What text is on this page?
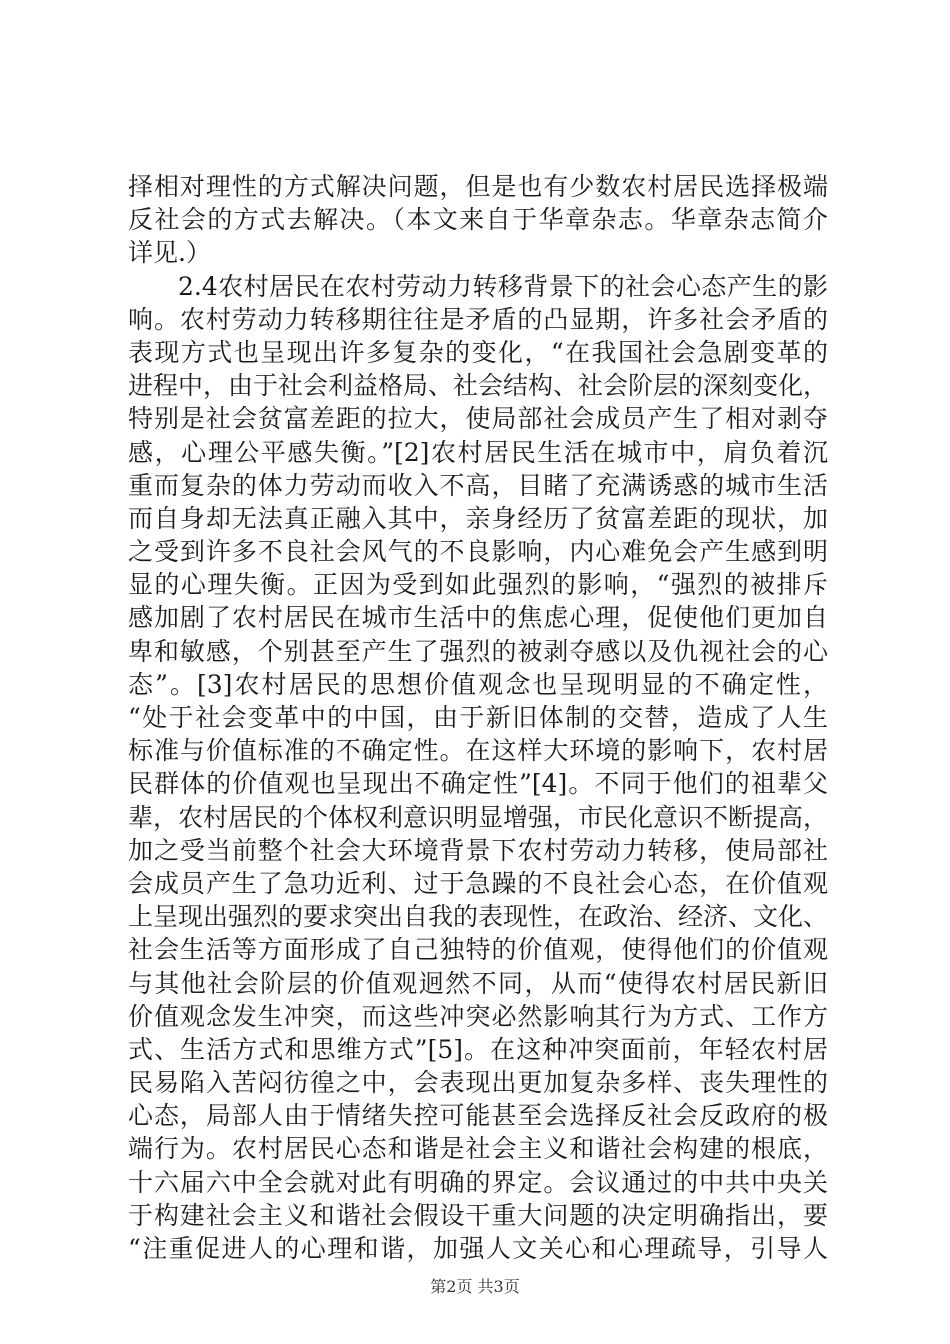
择相对理性的方式解决问题，但是也有少数农村居民选择极端
反社会的方式去解决。（本文来自于华章杂志。华章杂志简介
详见.）
2.4农村居民在农村劳动力转移背景下的社会心态产生的影
响。农村劳动力转移期往往是矛盾的凸显期，许多社会矛盾的
表现方式也呈现出许多复杂的变化，“在我国社会急剧变革的
进程中，由于社会利益格局、社会结构、社会阶层的深刻变化，
特别是社会贫富差距的拉大，使局部社会成员产生了相对剥夺
感，心理公平感失衡。”[2]农村居民生活在城市中，肩负着沉
重而复杂的体力劳动而收入不高，目睹了充满诱惑的城市生活
而自身却无法真正融入其中，亲身经历了贫富差距的现状，加
之受到许多不良社会风气的不良影响，内心难免会产生感到明
显的心理失衡。正因为受到如此强烈的影响，“强烈的被排斥
感加剧了农村居民在城市生活中的焦虑心理，促使他们更加自
卑和敏感，个别甚至产生了强烈的被剥夺感以及仇视社会的心
态”。[3]农村居民的思想价值观念也呈现明显的不确定性，
“处于社会变革中的中国，由于新旧体制的交替，造成了人生
标准与价值标准的不确定性。在这样大环境的影响下，农村居
民群体的价值观也呈现出不确定性”[4]。不同于他们的祖辈父
辈，农村居民的个体权利意识明显增强，市民化意识不断提高，
加之受当前整个社会大环境背景下农村劳动力转移，使局部社
会成员产生了急功近利、过于急躁的不良社会心态，在价值观
上呈现出强烈的要求突出自我的表现性，在政治、经济、文化、
社会生活等方面形成了自己独特的价值观，使得他们的价值观
与其他社会阶层的价值观迥然不同，从而“使得农村居民新旧
价值观念发生冲突，而这些冲突必然影响其行为方式、工作方
式、生活方式和思维方式”[5]。在这种冲突面前，年轻农村居
民易陷入苦闷彷徨之中，会表现出更加复杂多样、丧失理性的
心态，局部人由于情绪失控可能甚至会选择反社会反政府的极
端行为。农村居民心态和谐是社会主义和谐社会构建的根底，
十六届六中全会就对此有明确的界定。会议通过的中共中央关
于构建社会主义和谐社会假设干重大问题的决定明确指出，要
“注重促进人的心理和谐，加强人文关心和心理疏导，引导人
第2页 共3页
